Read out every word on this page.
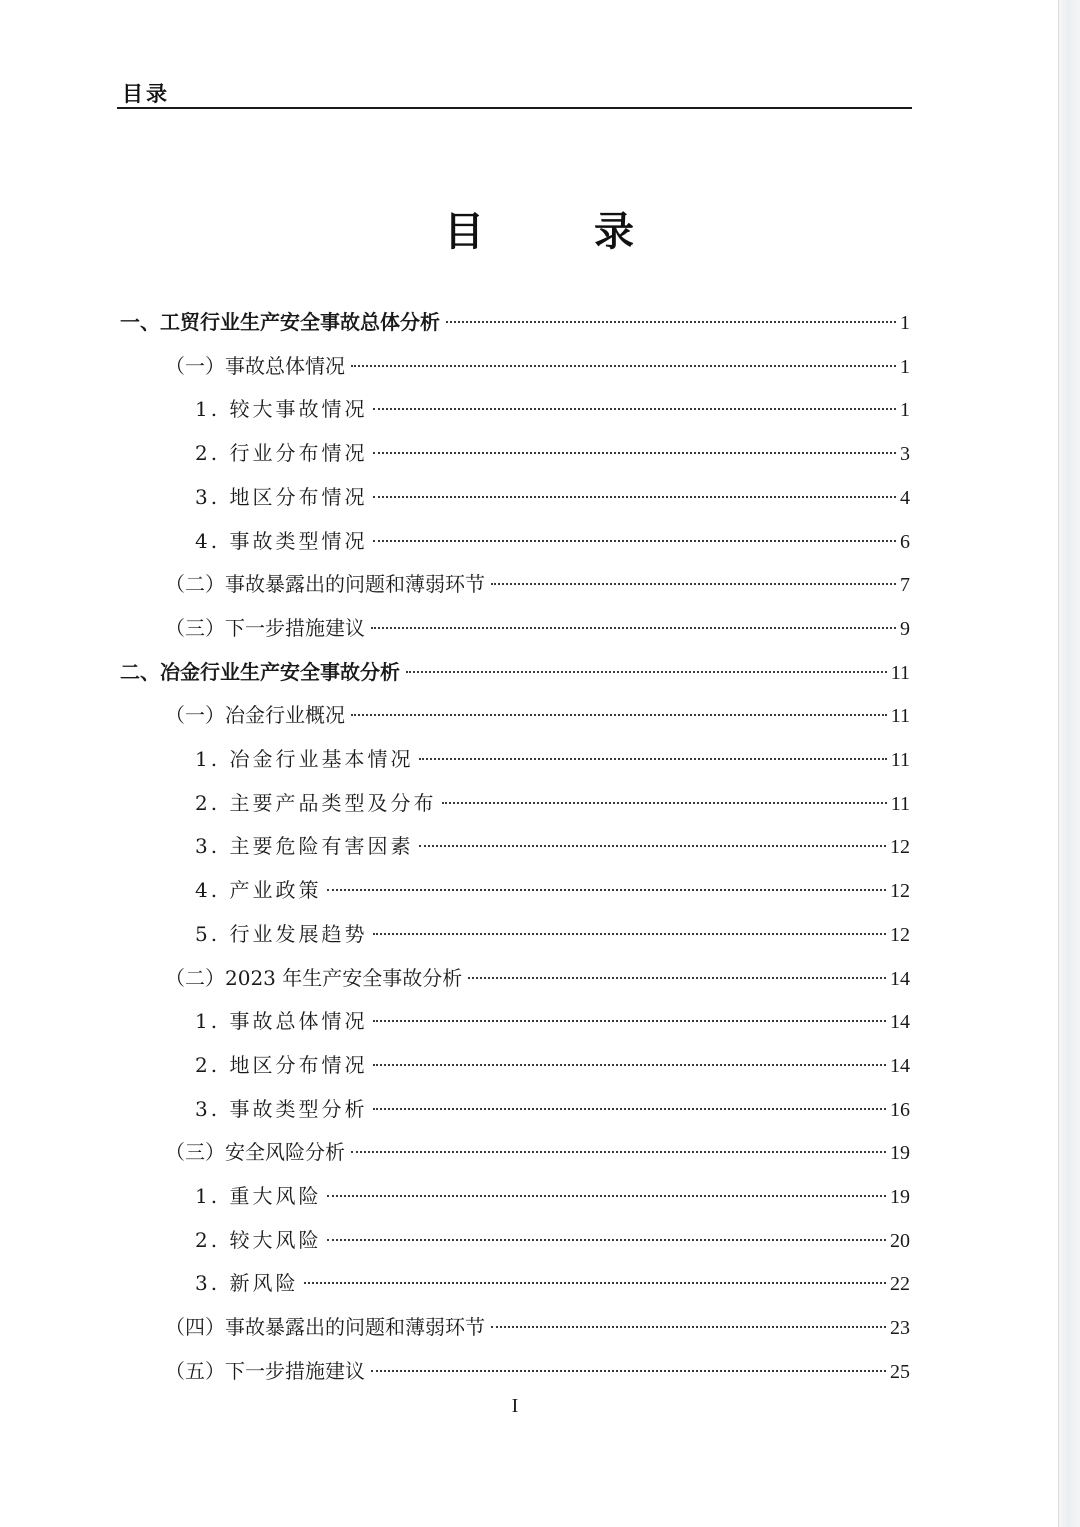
目录
目 录
一、工贸行业生产安全事故总体分析	1
（一）事故总体情况	1
1. 较大事故情况	1
2. 行业分布情况	3
3. 地区分布情况	4
4. 事故类型情况	6
（二）事故暴露出的问题和薄弱环节	7
（三）下一步措施建议	9
二、冶金行业生产安全事故分析	11
（一）冶金行业概况	11
1. 冶金行业基本情况	11
2. 主要产品类型及分布	11
3. 主要危险有害因素	12
4. 产业政策	12
5. 行业发展趋势	12
（二）2023 年生产安全事故分析	14
1. 事故总体情况	14
2. 地区分布情况	14
3. 事故类型分析	16
（三）安全风险分析	19
1. 重大风险	19
2. 较大风险	20
3. 新风险	22
（四）事故暴露出的问题和薄弱环节	23
（五）下一步措施建议	25
I
